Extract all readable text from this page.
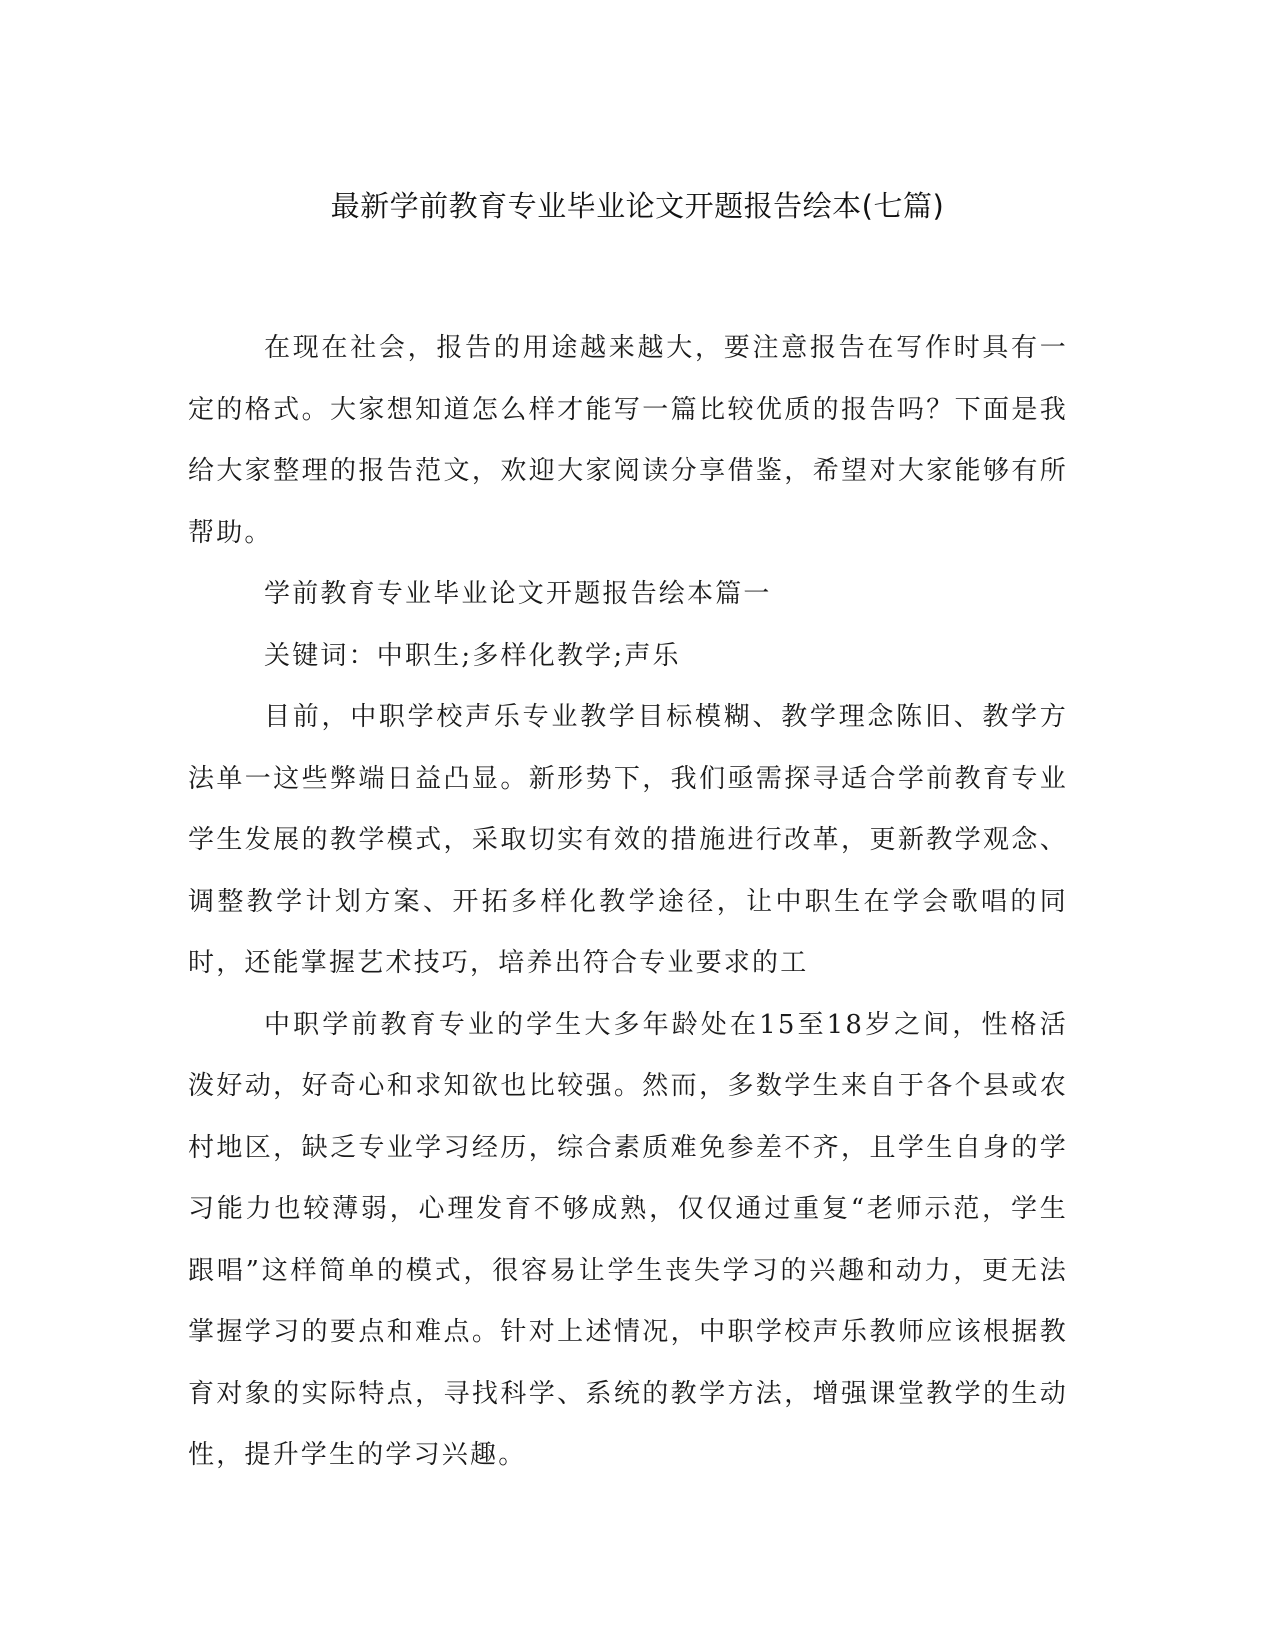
最新学前教育专业毕业论文开题报告绘本(七篇)

在现在社会，报告的用途越来越大，要注意报告在写作时具有一定的格式。大家想知道怎么样才能写一篇比较优质的报告吗？下面是我给大家整理的报告范文，欢迎大家阅读分享借鉴，希望对大家能够有所帮助。

学前教育专业毕业论文开题报告绘本篇一

关键词：中职生;多样化教学;声乐

目前，中职学校声乐专业教学目标模糊、教学理念陈旧、教学方法单一这些弊端日益凸显。新形势下，我们亟需探寻适合学前教育专业学生发展的教学模式，采取切实有效的措施进行改革，更新教学观念、调整教学计划方案、开拓多样化教学途径，让中职生在学会歌唱的同时，还能掌握艺术技巧，培养出符合专业要求的工

中职学前教育专业的学生大多年龄处在15至18岁之间，性格活泼好动，好奇心和求知欲也比较强。然而，多数学生来自于各个县或农村地区，缺乏专业学习经历，综合素质难免参差不齐，且学生自身的学习能力也较薄弱，心理发育不够成熟，仅仅通过重复“老师示范，学生跟唱”这样简单的模式，很容易让学生丧失学习的兴趣和动力，更无法掌握学习的要点和难点。针对上述情况，中职学校声乐教师应该根据教育对象的实际特点，寻找科学、系统的教学方法，增强课堂教学的生动性，提升学生的学习兴趣。
